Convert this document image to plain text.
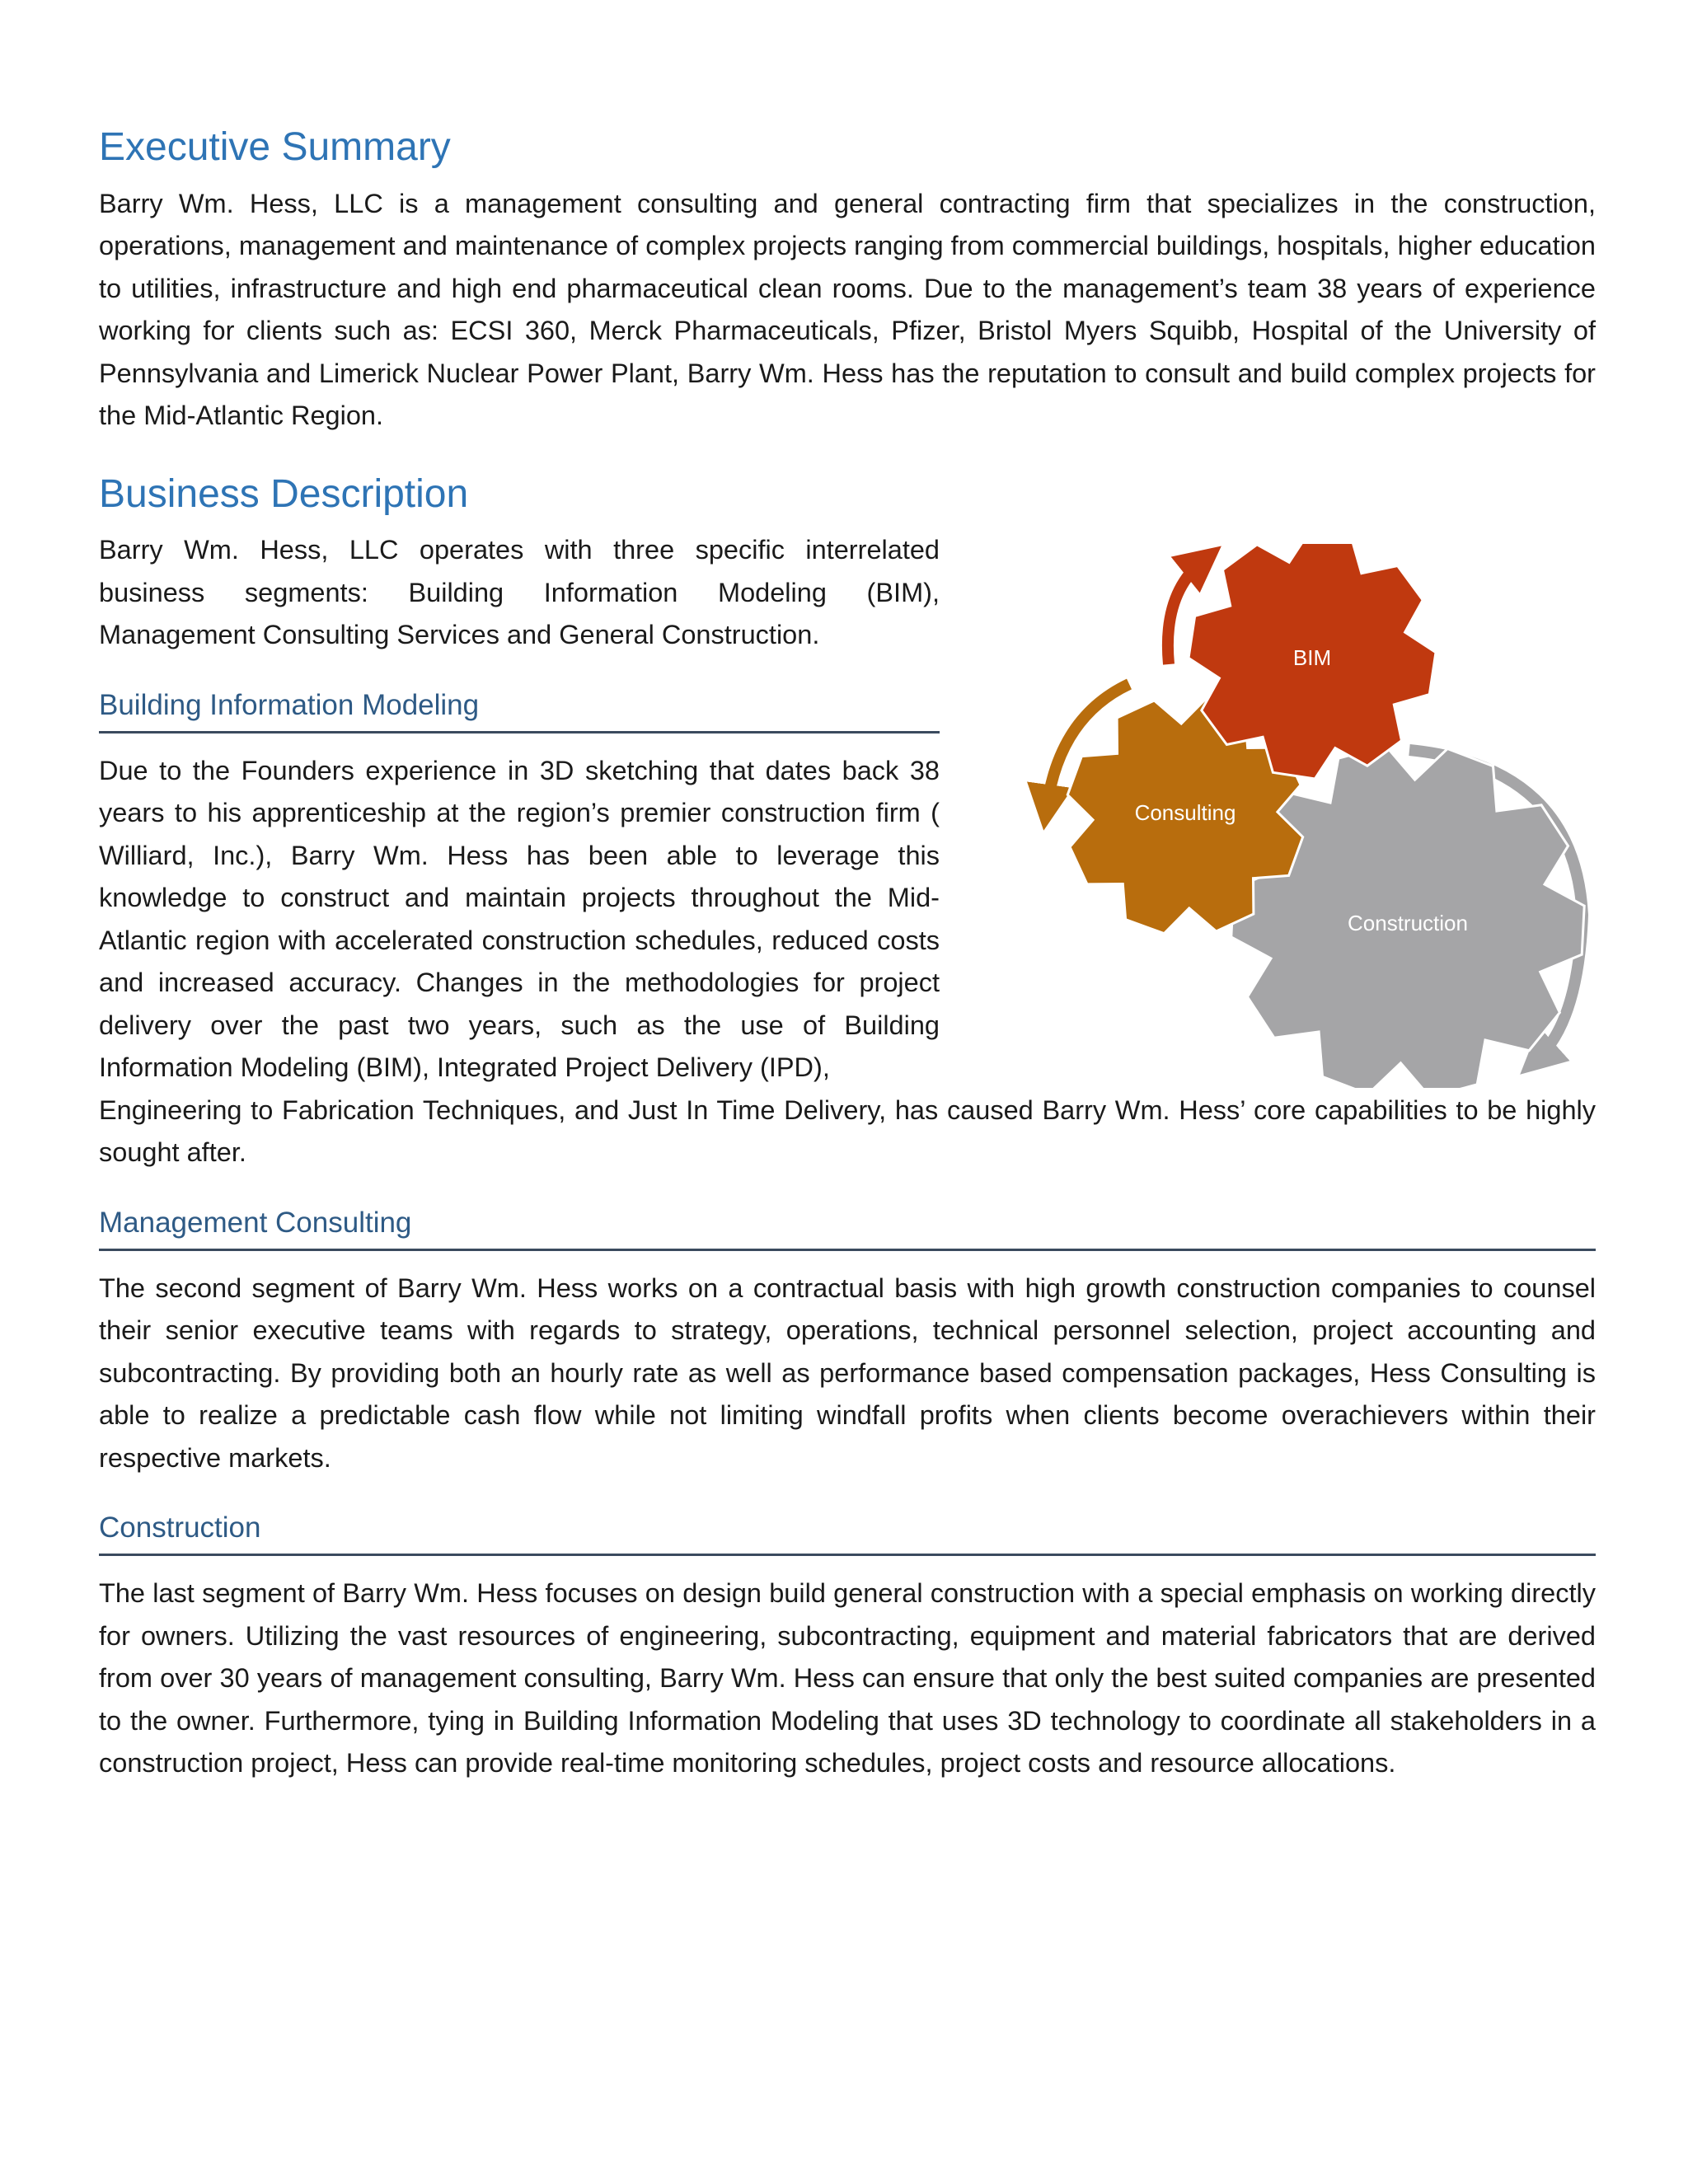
Executive Summary

Barry Wm. Hess, LLC is a management consulting and general contracting firm that specializes in the construction, operations, management and maintenance of complex projects ranging from commercial buildings, hospitals, higher education to utilities, infrastructure and high end pharmaceutical clean rooms. Due to the management’s team 38 years of experience working for clients such as: ECSI 360, Merck Pharmaceuticals, Pfizer, Bristol Myers Squibb, Hospital of the University of Pennsylvania and Limerick Nuclear Power Plant, Barry Wm. Hess has the reputation to consult and build complex projects for the Mid-Atlantic Region.

Business Description

Barry Wm. Hess, LLC operates with three specific interrelated business segments: Building Information Modeling (BIM), Management Consulting Services and General Construction.

Building Information Modeling

Due to the Founders experience in 3D sketching that dates back 38 years to his apprenticeship at the region’s premier construction firm ( Williard, Inc.), Barry Wm. Hess has been able to leverage this knowledge to construct and maintain projects throughout the Mid-Atlantic region with accelerated construction schedules, reduced costs and increased accuracy. Changes in the methodologies for project delivery over the past two years, such as the use of Building Information Modeling (BIM), Integrated Project Delivery (IPD),

Engineering to Fabrication Techniques, and Just In Time Delivery, has caused Barry Wm. Hess’ core capabilities to be highly sought after.

Management Consulting

The second segment of Barry Wm. Hess works on a contractual basis with high growth construction companies to counsel their senior executive teams with regards to strategy, operations, technical personnel selection, project accounting and subcontracting. By providing both an hourly rate as well as performance based compensation packages, Hess Consulting is able to realize a predictable cash flow while not limiting windfall profits when clients become overachievers within their respective markets.

Construction

The last segment of Barry Wm. Hess focuses on design build general construction with a special emphasis on working directly for owners. Utilizing the vast resources of engineering, subcontracting, equipment and material fabricators that are derived from over 30 years of management consulting, Barry Wm. Hess can ensure that only the best suited companies are presented to the owner. Furthermore, tying in Building Information Modeling that uses 3D technology to coordinate all stakeholders in a construction project, Hess can provide real-time monitoring schedules, project costs and resource allocations.

Construction
Consulting
BIM
